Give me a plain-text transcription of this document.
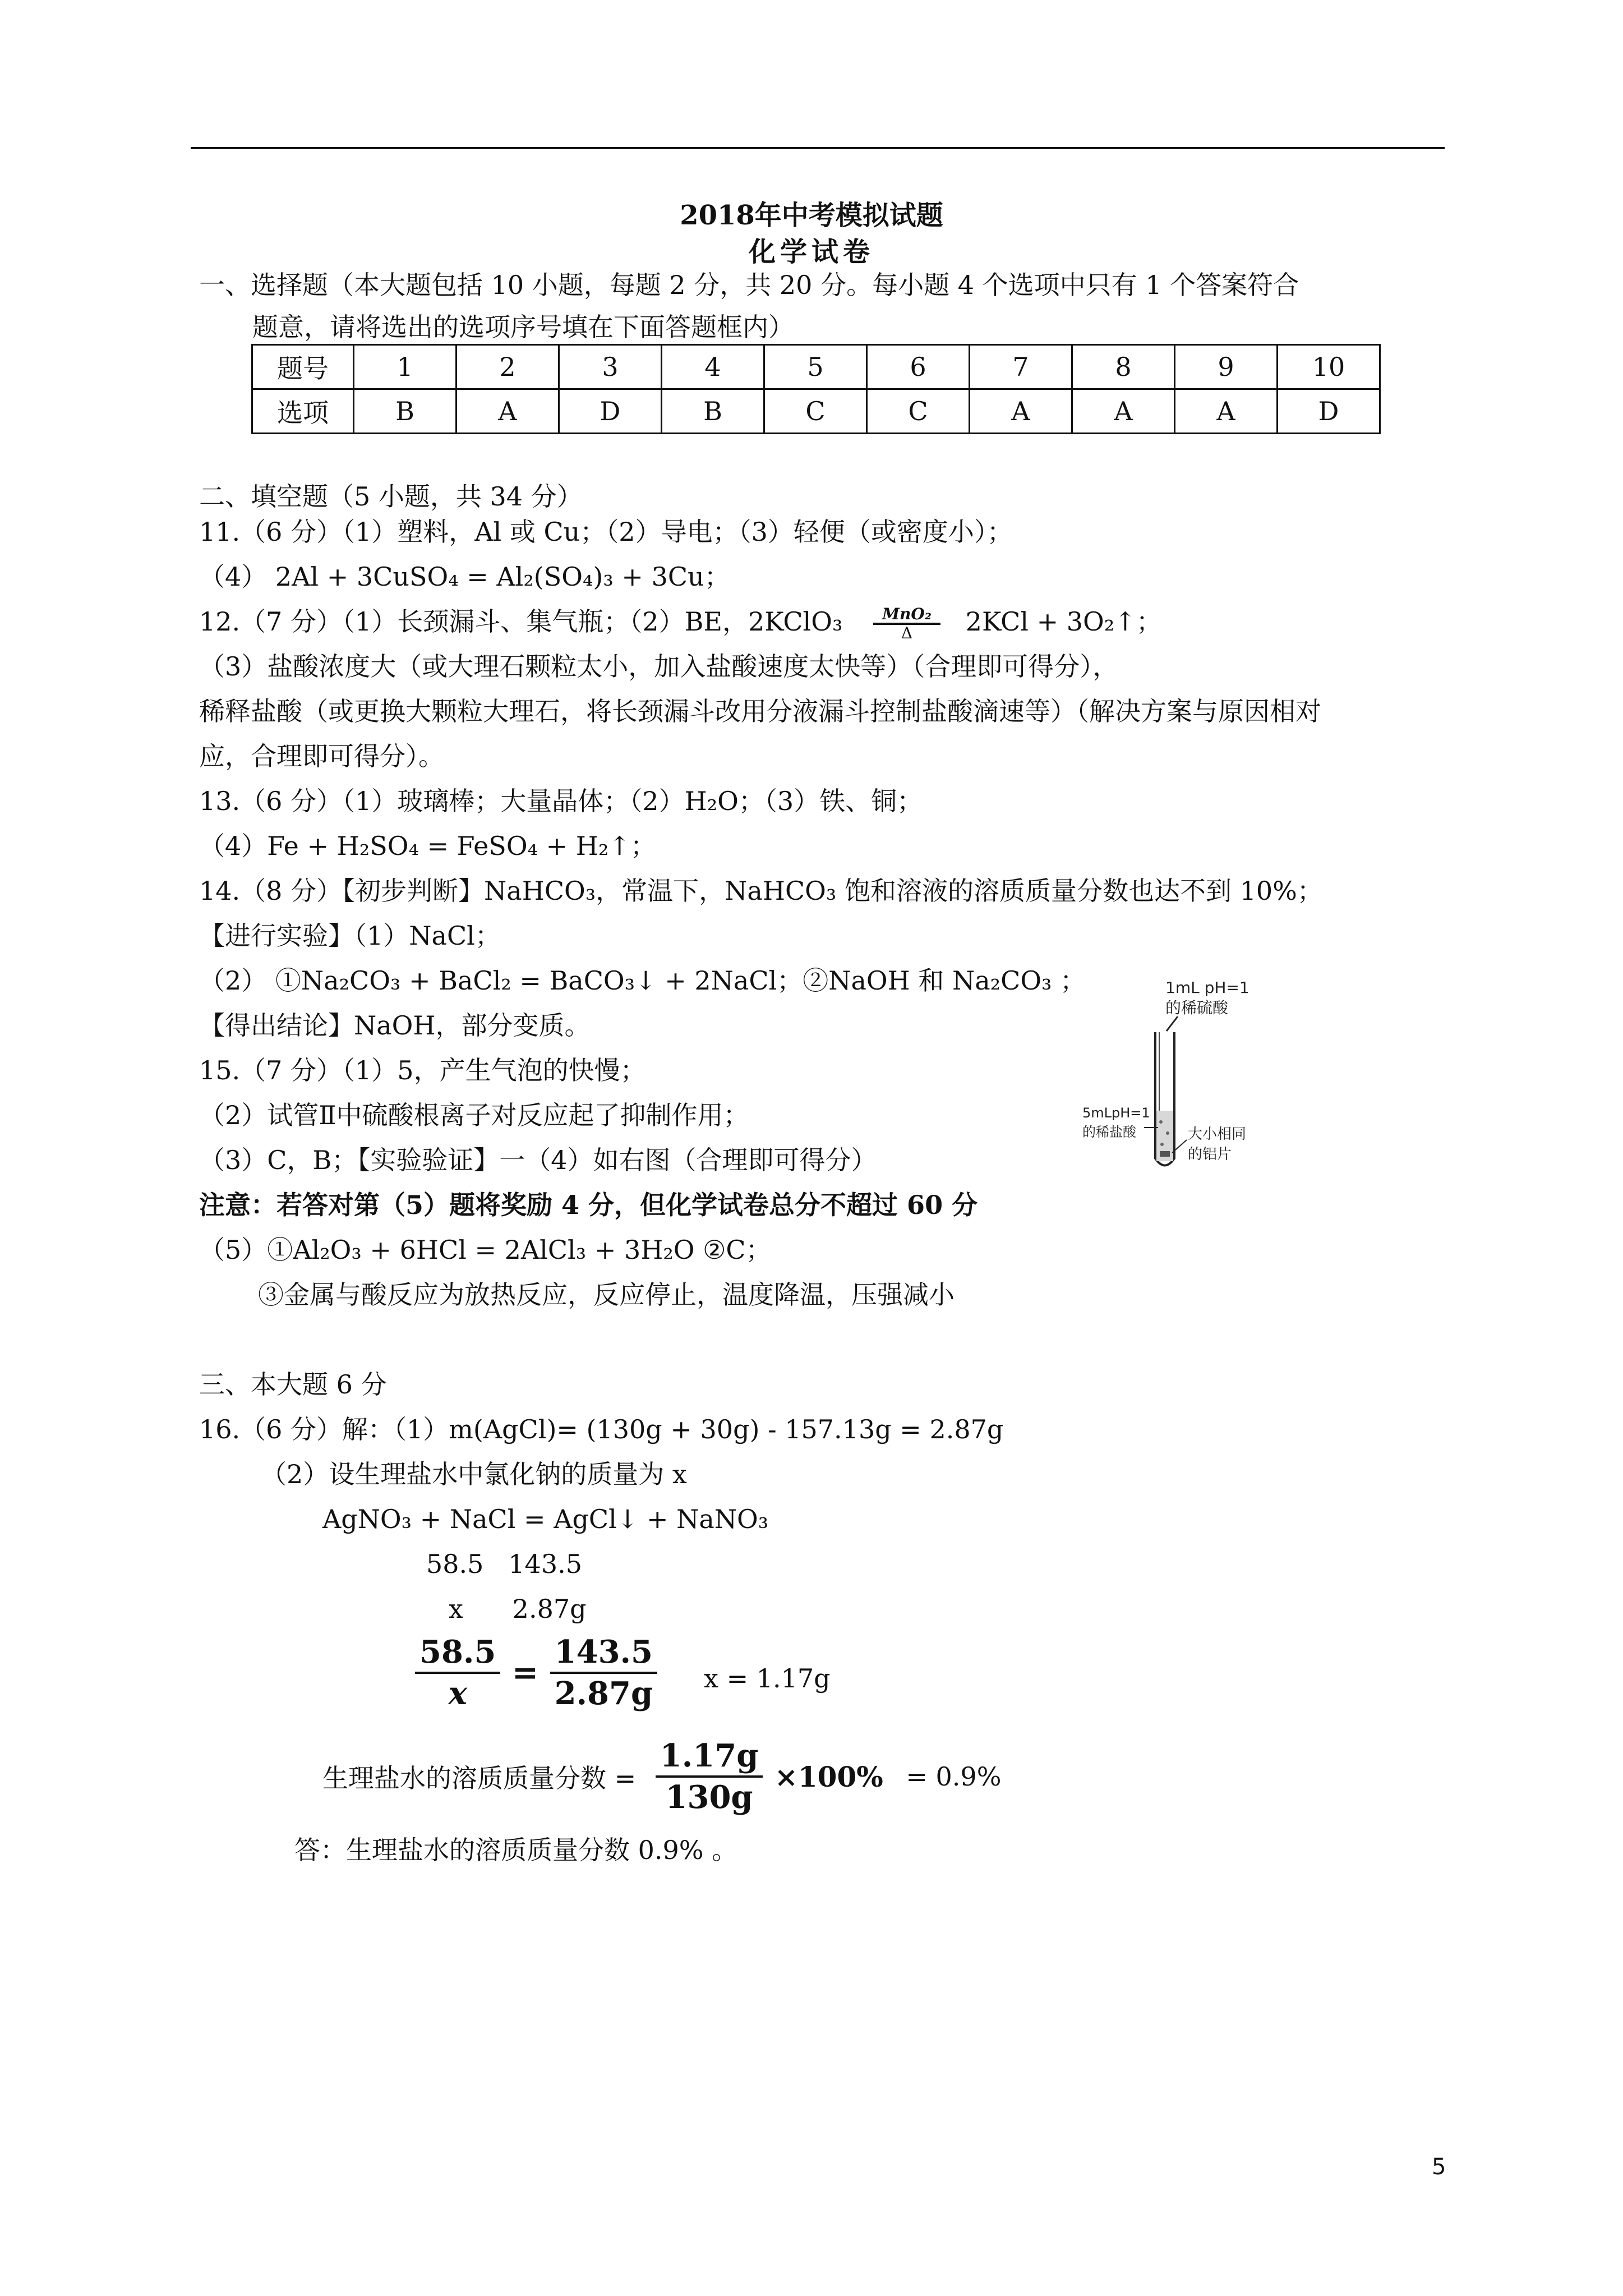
2018年中考模拟试题
化学试卷
一、选择题（本大题包括 10 小题，每题 2 分，共 20 分。每小题 4 个选项中只有 1 个答案符合
题意，请将选出的选项序号填在下面答题框内）
题号	1	2	3	4	5	6	7	8	9	10
选项	B	A	D	B	C	C	A	A	A	D
二、填空题（5 小题，共 34 分）
11.（6 分）（1）塑料，Al 或 Cu；（2）导电；（3）轻便（或密度小）；
（4） 2Al + 3CuSO₄ = Al₂(SO₄)₃ + 3Cu；
12.（7 分）（1）长颈漏斗、集气瓶；（2）BE，2KClO₃	MnO₂
Δ 2KCl + 3O₂↑；
（3）盐酸浓度大（或大理石颗粒太小，加入盐酸速度太快等）（合理即可得分），
稀释盐酸（或更换大颗粒大理石，将长颈漏斗改用分液漏斗控制盐酸滴速等）（解决方案与原因相对
应，合理即可得分）。
13.（6 分）（1）玻璃棒；大量晶体；（2）H₂O；（3）铁、铜；
（4）Fe + H₂SO₄ = FeSO₄ + H₂↑；
14.（8 分）【初步判断】NaHCO₃，常温下，NaHCO₃ 饱和溶液的溶质质量分数也达不到 10%；
【进行实验】（1）NaCl；
（2） ①Na₂CO₃ + BaCl₂ = BaCO₃↓ + 2NaCl；②NaOH 和 Na₂CO₃ ；
【得出结论】NaOH，部分变质。
15.（7 分）（1）5，产生气泡的快慢；
（2）试管Ⅱ中硫酸根离子对反应起了抑制作用；
（3）C，B；【实验验证】一（4）如右图（合理即可得分）
注意：若答对第（5）题将奖励 4 分，但化学试卷总分不超过 60 分
（5）①Al₂O₃ + 6HCl = 2AlCl₃ + 3H₂O ②C；
③金属与酸反应为放热反应，反应停止，温度降温，压强减小
1mL pH=1
的稀硫酸
5mLpH=1
的稀盐酸	大小相同
的铝片
三、本大题 6 分
16.（6 分）解：（1）m(AgCl)= (130g + 30g) - 157.13g = 2.87g
（2）设生理盐水中氯化钠的质量为 x
AgNO₃ + NaCl = AgCl↓ + NaNO₃
58.5   143.5
x      2.87g
$\frac{58.5}{x} = \frac{143.5}{2.87g}$ x = 1.17g
生理盐水的溶质质量分数 = $\frac{1.17g}{130g} \times 100\% = 0.9\%$
答：生理盐水的溶质质量分数 0.9% 。
5
